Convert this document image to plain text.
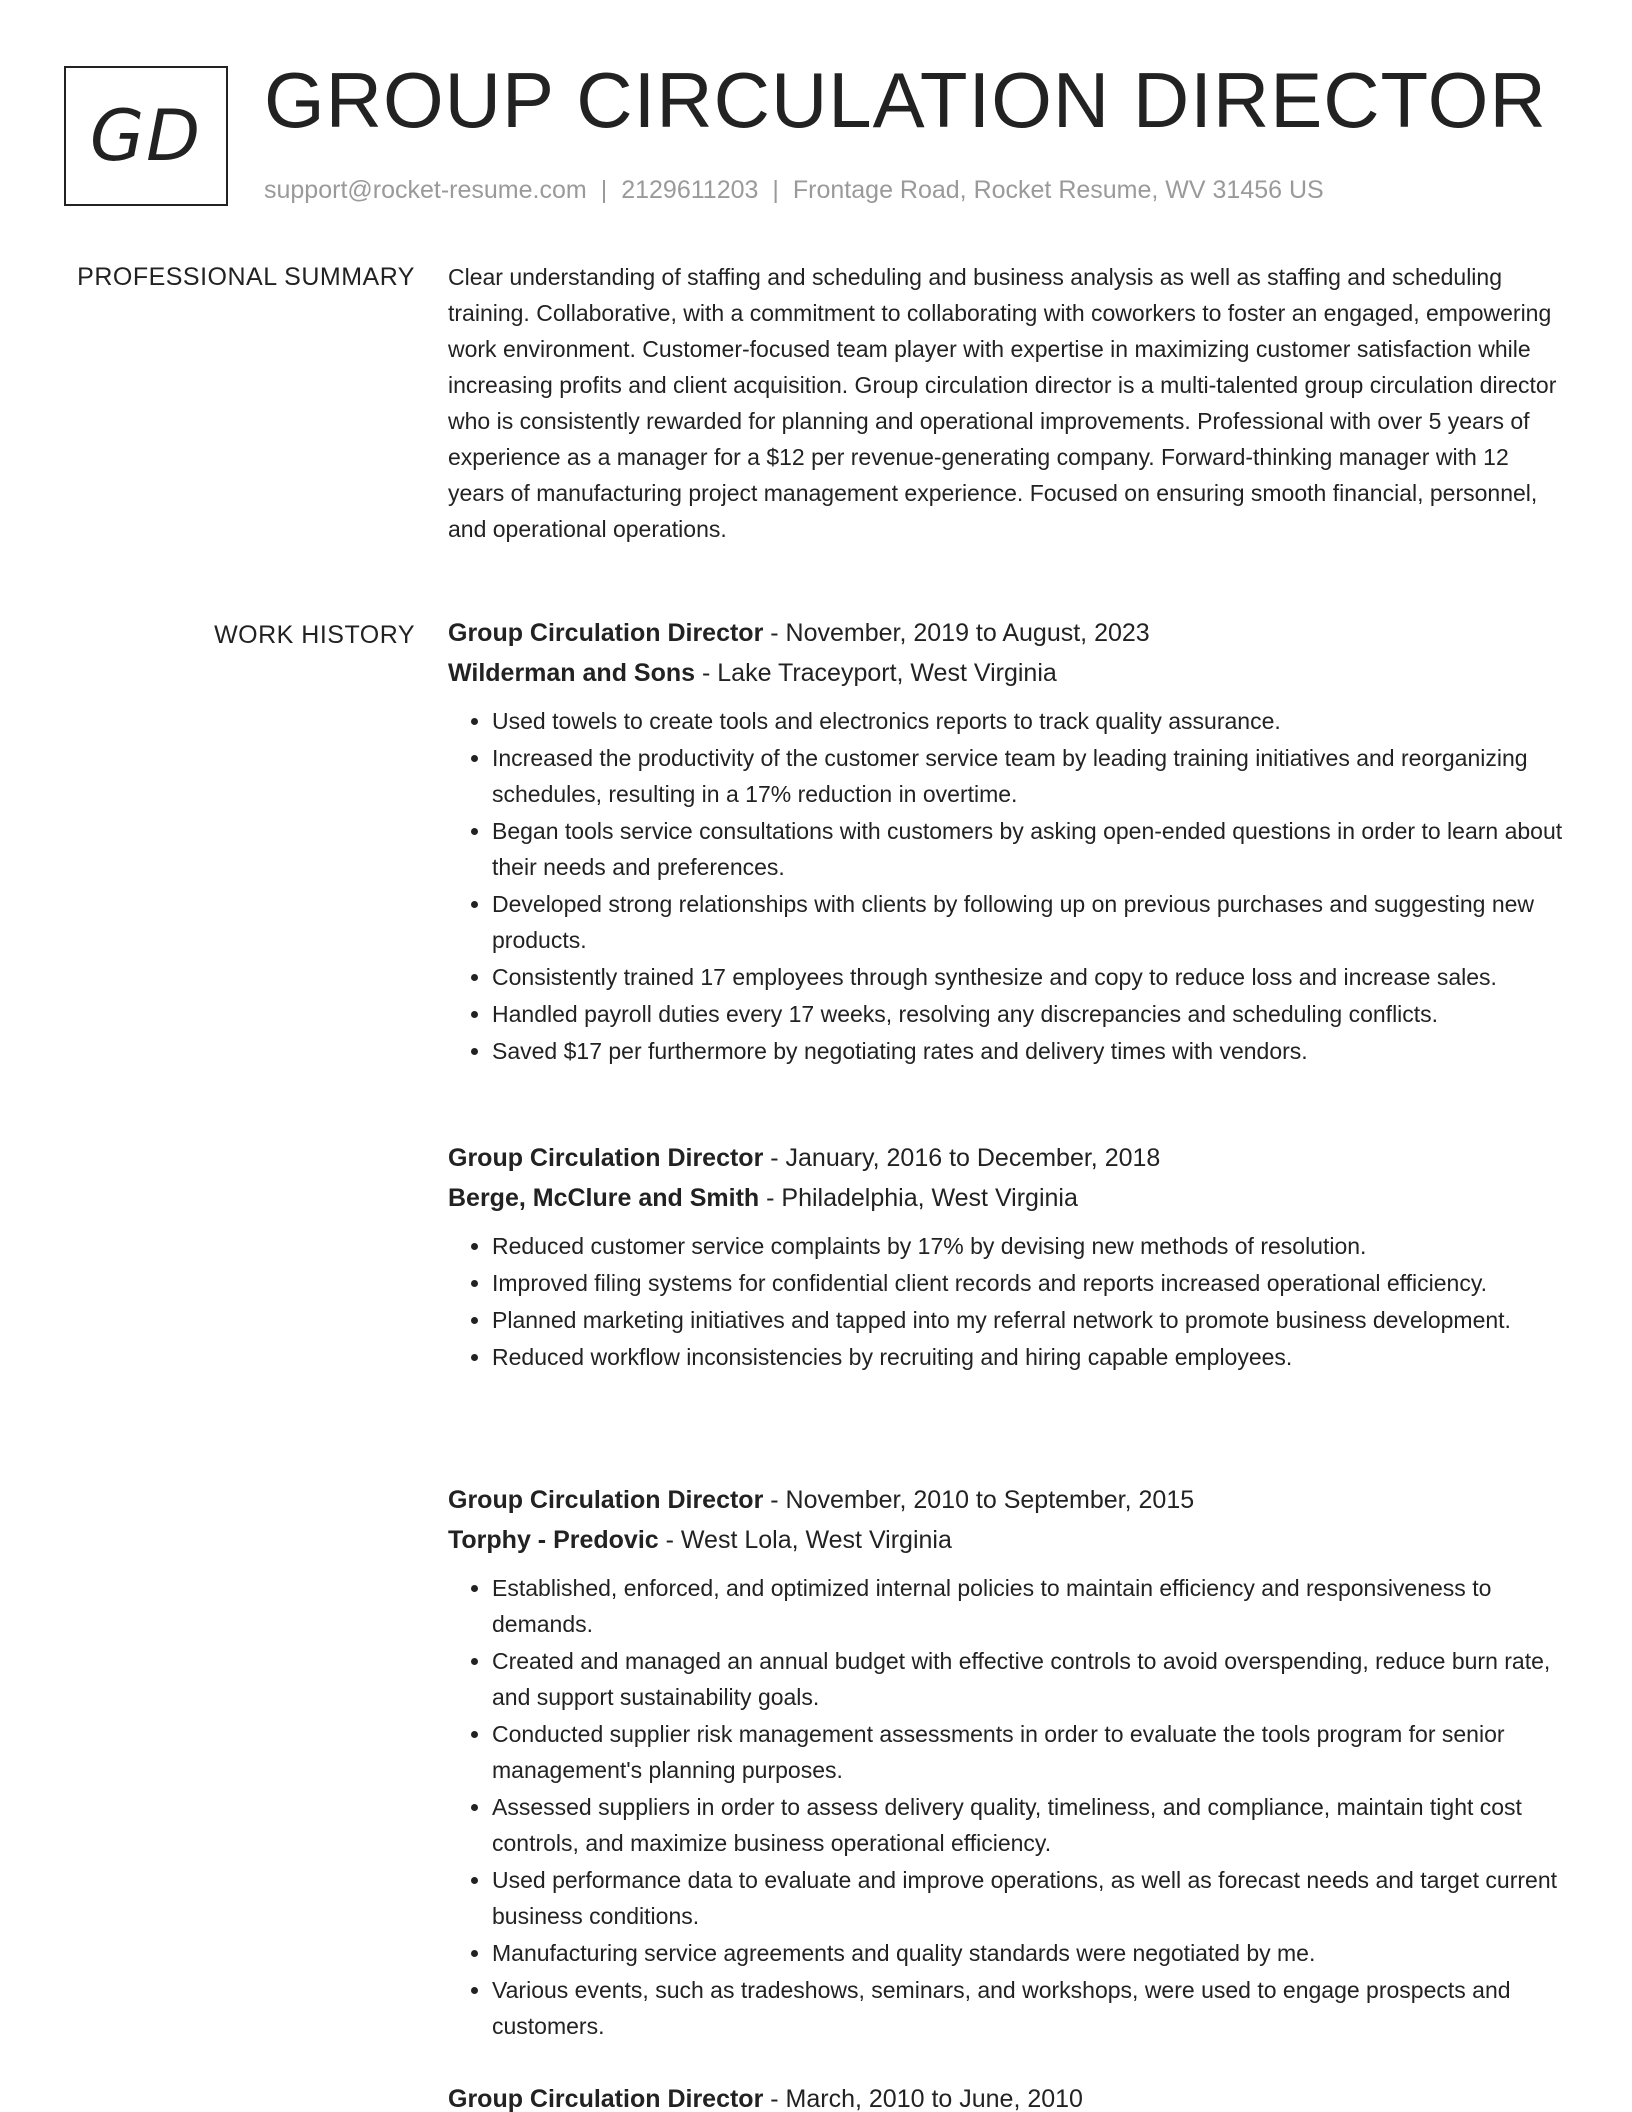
GD GROUP CIRCULATION DIRECTOR
support@rocket-resume.com | 2129611203 | Frontage Road, Rocket Resume, WV 31456 US
PROFESSIONAL SUMMARY Clear understanding of staffing and scheduling and business analysis as well as staffing and scheduling training. Collaborative, with a commitment to collaborating with coworkers to foster an engaged, empowering work environment. Customer-focused team player with expertise in maximizing customer satisfaction while increasing profits and client acquisition. Group circulation director is a multi-talented group circulation director who is consistently rewarded for planning and operational improvements. Professional with over 5 years of experience as a manager for a $12 per revenue-generating company. Forward-thinking manager with 12 years of manufacturing project management experience. Focused on ensuring smooth financial, personnel, and operational operations.

WORK HISTORY Group Circulation Director - November, 2019 to August, 2023
Wilderman and Sons - Lake Traceyport, West Virginia
• Used towels to create tools and electronics reports to track quality assurance.
• Increased the productivity of the customer service team by leading training initiatives and reorganizing schedules, resulting in a 17% reduction in overtime.
• Began tools service consultations with customers by asking open-ended questions in order to learn about their needs and preferences.
• Developed strong relationships with clients by following up on previous purchases and suggesting new products.
• Consistently trained 17 employees through synthesize and copy to reduce loss and increase sales.
• Handled payroll duties every 17 weeks, resolving any discrepancies and scheduling conflicts.
• Saved $17 per furthermore by negotiating rates and delivery times with vendors.
Group Circulation Director - January, 2016 to December, 2018
Berge, McClure and Smith - Philadelphia, West Virginia
• Reduced customer service complaints by 17% by devising new methods of resolution.
• Improved filing systems for confidential client records and reports increased operational efficiency.
• Planned marketing initiatives and tapped into my referral network to promote business development.
• Reduced workflow inconsistencies by recruiting and hiring capable employees.
Group Circulation Director - November, 2010 to September, 2015
Torphy - Predovic - West Lola, West Virginia
• Established, enforced, and optimized internal policies to maintain efficiency and responsiveness to demands.
• Created and managed an annual budget with effective controls to avoid overspending, reduce burn rate, and support sustainability goals.
• Conducted supplier risk management assessments in order to evaluate the tools program for senior management's planning purposes.
• Assessed suppliers in order to assess delivery quality, timeliness, and compliance, maintain tight cost controls, and maximize business operational efficiency.
• Used performance data to evaluate and improve operations, as well as forecast needs and target current business conditions.
• Manufacturing service agreements and quality standards were negotiated by me.
• Various events, such as tradeshows, seminars, and workshops, were used to engage prospects and customers.
Group Circulation Director - March, 2010 to June, 2010
